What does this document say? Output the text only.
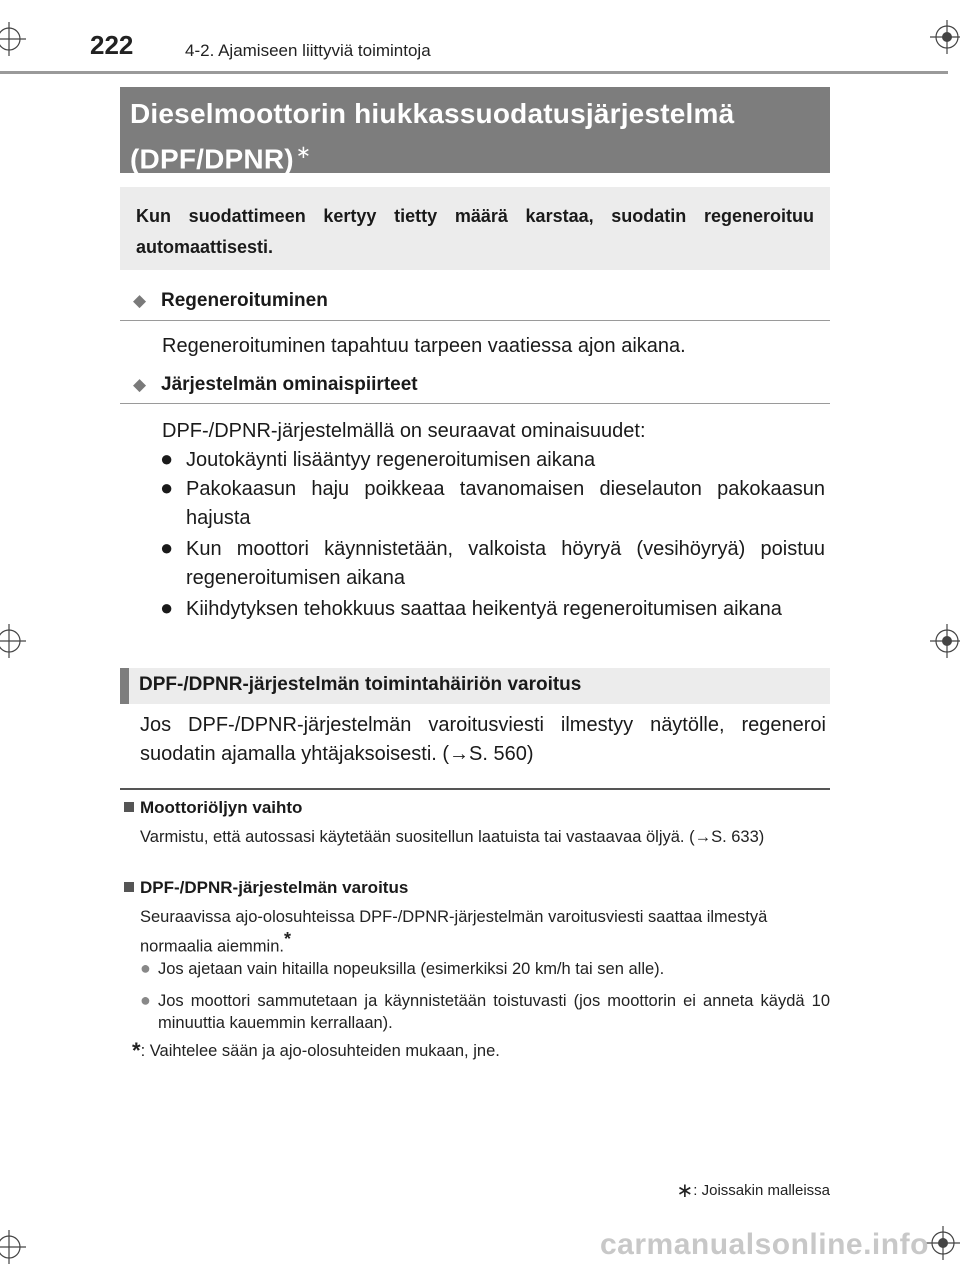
222	4-2. Ajamiseen liittyviä toimintoja
Dieselmoottorin hiukkassuodatusjärjestelmä
(DPF/DPNR) ∗
Kun suodattimeen kertyy tietty määrä karstaa, suodatin regeneroituu automaattisesti.
◆ Regeneroituminen
Regeneroituminen tapahtuu tarpeen vaatiessa ajon aikana.
◆ Järjestelmän ominaispiirteet
DPF-/DPNR-järjestelmällä on seuraavat ominaisuudet:
● Joutokäynti lisääntyy regeneroitumisen aikana
● Pakokaasun haju poikkeaa tavanomaisen dieselauton pakokaasun hajusta
● Kun moottori käynnistetään, valkoista höyryä (vesihöyryä) poistuu regeneroitumisen aikana
● Kiihdytyksen tehokkuus saattaa heikentyä regeneroitumisen aikana
DPF-/DPNR-järjestelmän toimintahäiriön varoitus
Jos DPF-/DPNR-järjestelmän varoitusviesti ilmestyy näytölle, regeneroi suodatin ajamalla yhtäjaksoisesti. (→S. 560)
Moottoriöljyn vaihto
Varmistu, että autossasi käytetään suositellun laatuista tai vastaavaa öljyä. (→S. 633)
DPF-/DPNR-järjestelmän varoitus
Seuraavissa ajo-olosuhteissa DPF-/DPNR-järjestelmän varoitusviesti saattaa ilmestyä normaalia aiemmin.*
● Jos ajetaan vain hitailla nopeuksilla (esimerkiksi 20 km/h tai sen alle).
● Jos moottori sammutetaan ja käynnistetään toistuvasti (jos moottorin ei anneta käydä 10 minuuttia kauemmin kerrallaan).
*: Vaihtelee sään ja ajo-olosuhteiden mukaan, jne.
∗: Joissakin malleissa
carmanualsonline.info
